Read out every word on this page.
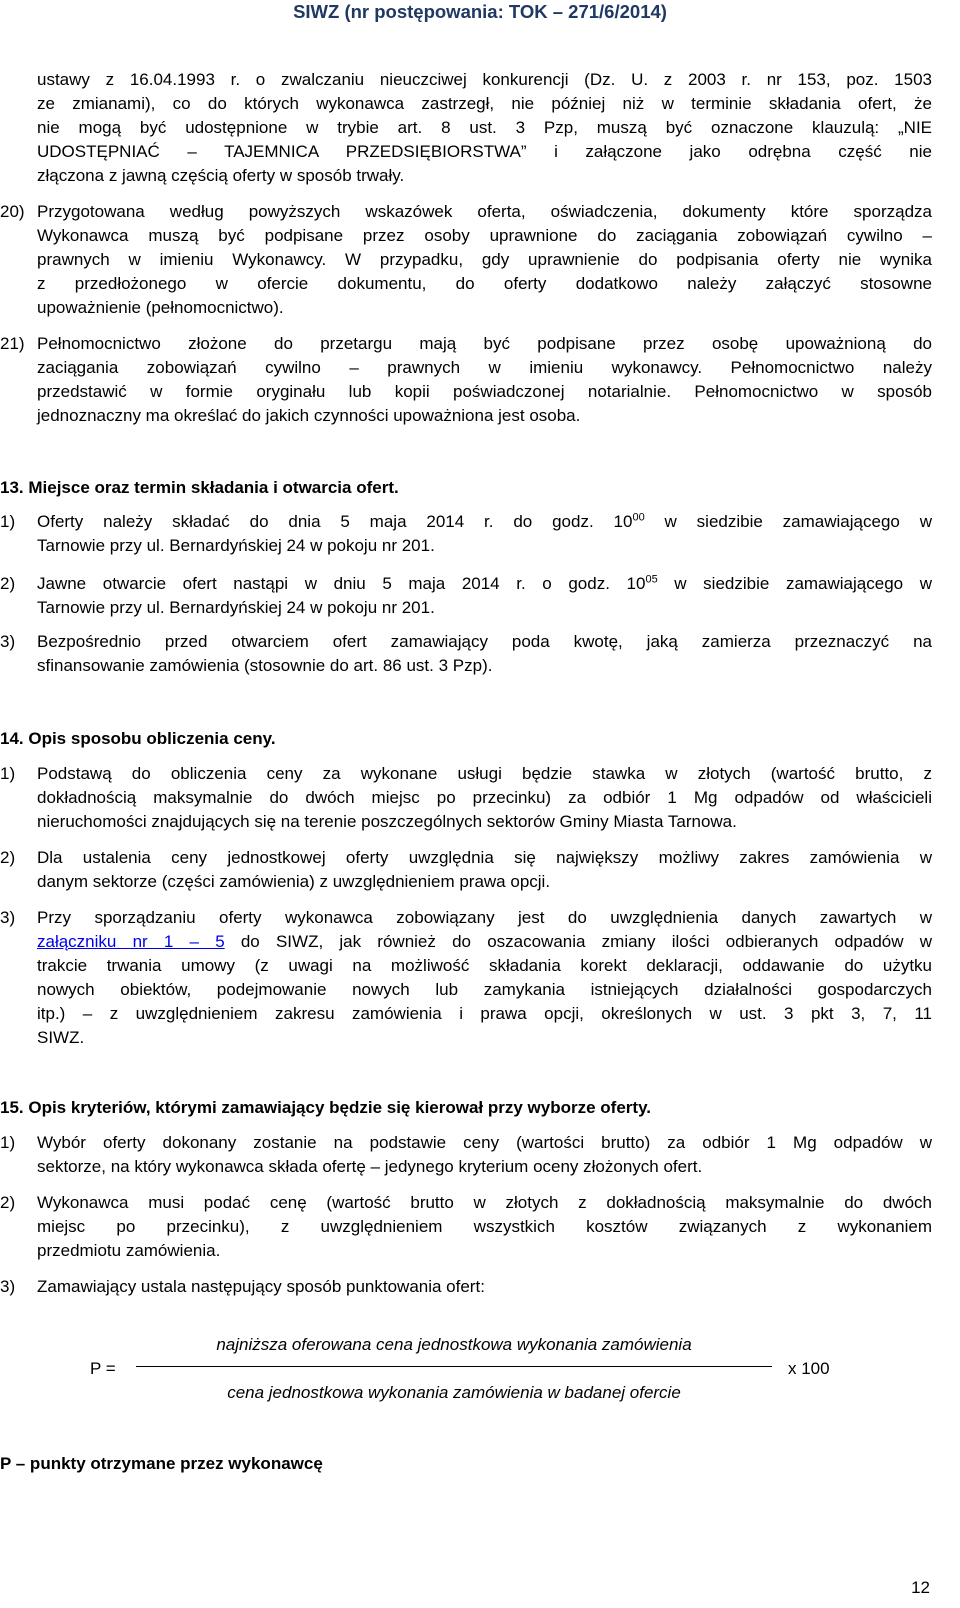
SIWZ (nr postępowania: TOK – 271/6/2014)
ustawy z 16.04.1993 r. o zwalczaniu nieuczciwej konkurencji (Dz. U. z 2003 r. nr 153, poz. 1503
ze zmianami), co do których wykonawca zastrzegł, nie później niż w terminie składania ofert, że
nie mogą być udostępnione w trybie art. 8 ust. 3 Pzp, muszą być oznaczone klauzulą: „NIE
UDOSTĘPNIAĆ – TAJEMNICA PRZEDSIĘBIORSTWA” i załączone jako odrębna część nie
złączona z jawną częścią oferty w sposób trwały.
20) Przygotowana według powyższych wskazówek oferta, oświadczenia, dokumenty które sporządza
Wykonawca muszą być podpisane przez osoby uprawnione do zaciągania zobowiązań cywilno –
prawnych w imieniu Wykonawcy. W przypadku, gdy uprawnienie do podpisania oferty nie wynika
z przedłożonego w ofercie dokumentu, do oferty dodatkowo należy załączyć stosowne
upoważnienie (pełnomocnictwo).
21) Pełnomocnictwo złożone do przetargu mają być podpisane przez osobę upoważnioną do
zaciągania zobowiązań cywilno – prawnych w imieniu wykonawcy. Pełnomocnictwo należy
przedstawić w formie oryginału lub kopii poświadczonej notarialnie. Pełnomocnictwo w sposób
jednoznaczny ma określać do jakich czynności upoważniona jest osoba.
13. Miejsce oraz termin składania i otwarcia ofert.
1) Oferty należy składać do dnia 5 maja 2014 r. do godz. $10^{00}$ w siedzibie zamawiającego w
Tarnowie przy ul. Bernardyńskiej 24 w pokoju nr 201.
2) Jawne otwarcie ofert nastąpi w dniu 5 maja 2014 r. o godz. $10^{05}$ w siedzibie zamawiającego w
Tarnowie przy ul. Bernardyńskiej 24 w pokoju nr 201.
3) Bezpośrednio przed otwarciem ofert zamawiający poda kwotę, jaką zamierza przeznaczyć na
sfinansowanie zamówienia (stosownie do art. 86 ust. 3 Pzp).
14. Opis sposobu obliczenia ceny.
1) Podstawą do obliczenia ceny za wykonane usługi będzie stawka w złotych (wartość brutto, z
dokładnością maksymalnie do dwóch miejsc po przecinku) za odbiór 1 Mg odpadów od właścicieli
nieruchomości znajdujących się na terenie poszczególnych sektorów Gminy Miasta Tarnowa.
2) Dla ustalenia ceny jednostkowej oferty uwzględnia się największy możliwy zakres zamówienia w
danym sektorze (części zamówienia) z uwzględnieniem prawa opcji.
3) Przy sporządzaniu oferty wykonawca zobowiązany jest do uwzględnienia danych zawartych w
załączniku nr 1 – 5 do SIWZ, jak również do oszacowania zmiany ilości odbieranych odpadów w
trakcie trwania umowy (z uwagi na możliwość składania korekt deklaracji, oddawanie do użytku
nowych obiektów, podejmowanie nowych lub zamykania istniejących działalności gospodarczych
itp.) – z uwzględnieniem zakresu zamówienia i prawa opcji, określonych w ust. 3 pkt 3, 7, 11
SIWZ.
15. Opis kryteriów, którymi zamawiający będzie się kierował przy wyborze oferty.
1) Wybór oferty dokonany zostanie na podstawie ceny (wartości brutto) za odbiór 1 Mg odpadów w
sektorze, na który wykonawca składa ofertę – jedynego kryterium oceny złożonych ofert.
2) Wykonawca musi podać cenę (wartość brutto w złotych z dokładnością maksymalnie do dwóch
miejsc po przecinku), z uwzględnieniem wszystkich kosztów związanych z wykonaniem
przedmiotu zamówienia.
3) Zamawiający ustala następujący sposób punktowania ofert:
P =
najniższa oferowana cena jednostkowa wykonania zamówienia
cena jednostkowa wykonania zamówienia w badanej ofercie
x 100
P – punkty otrzymane przez wykonawcę
12
